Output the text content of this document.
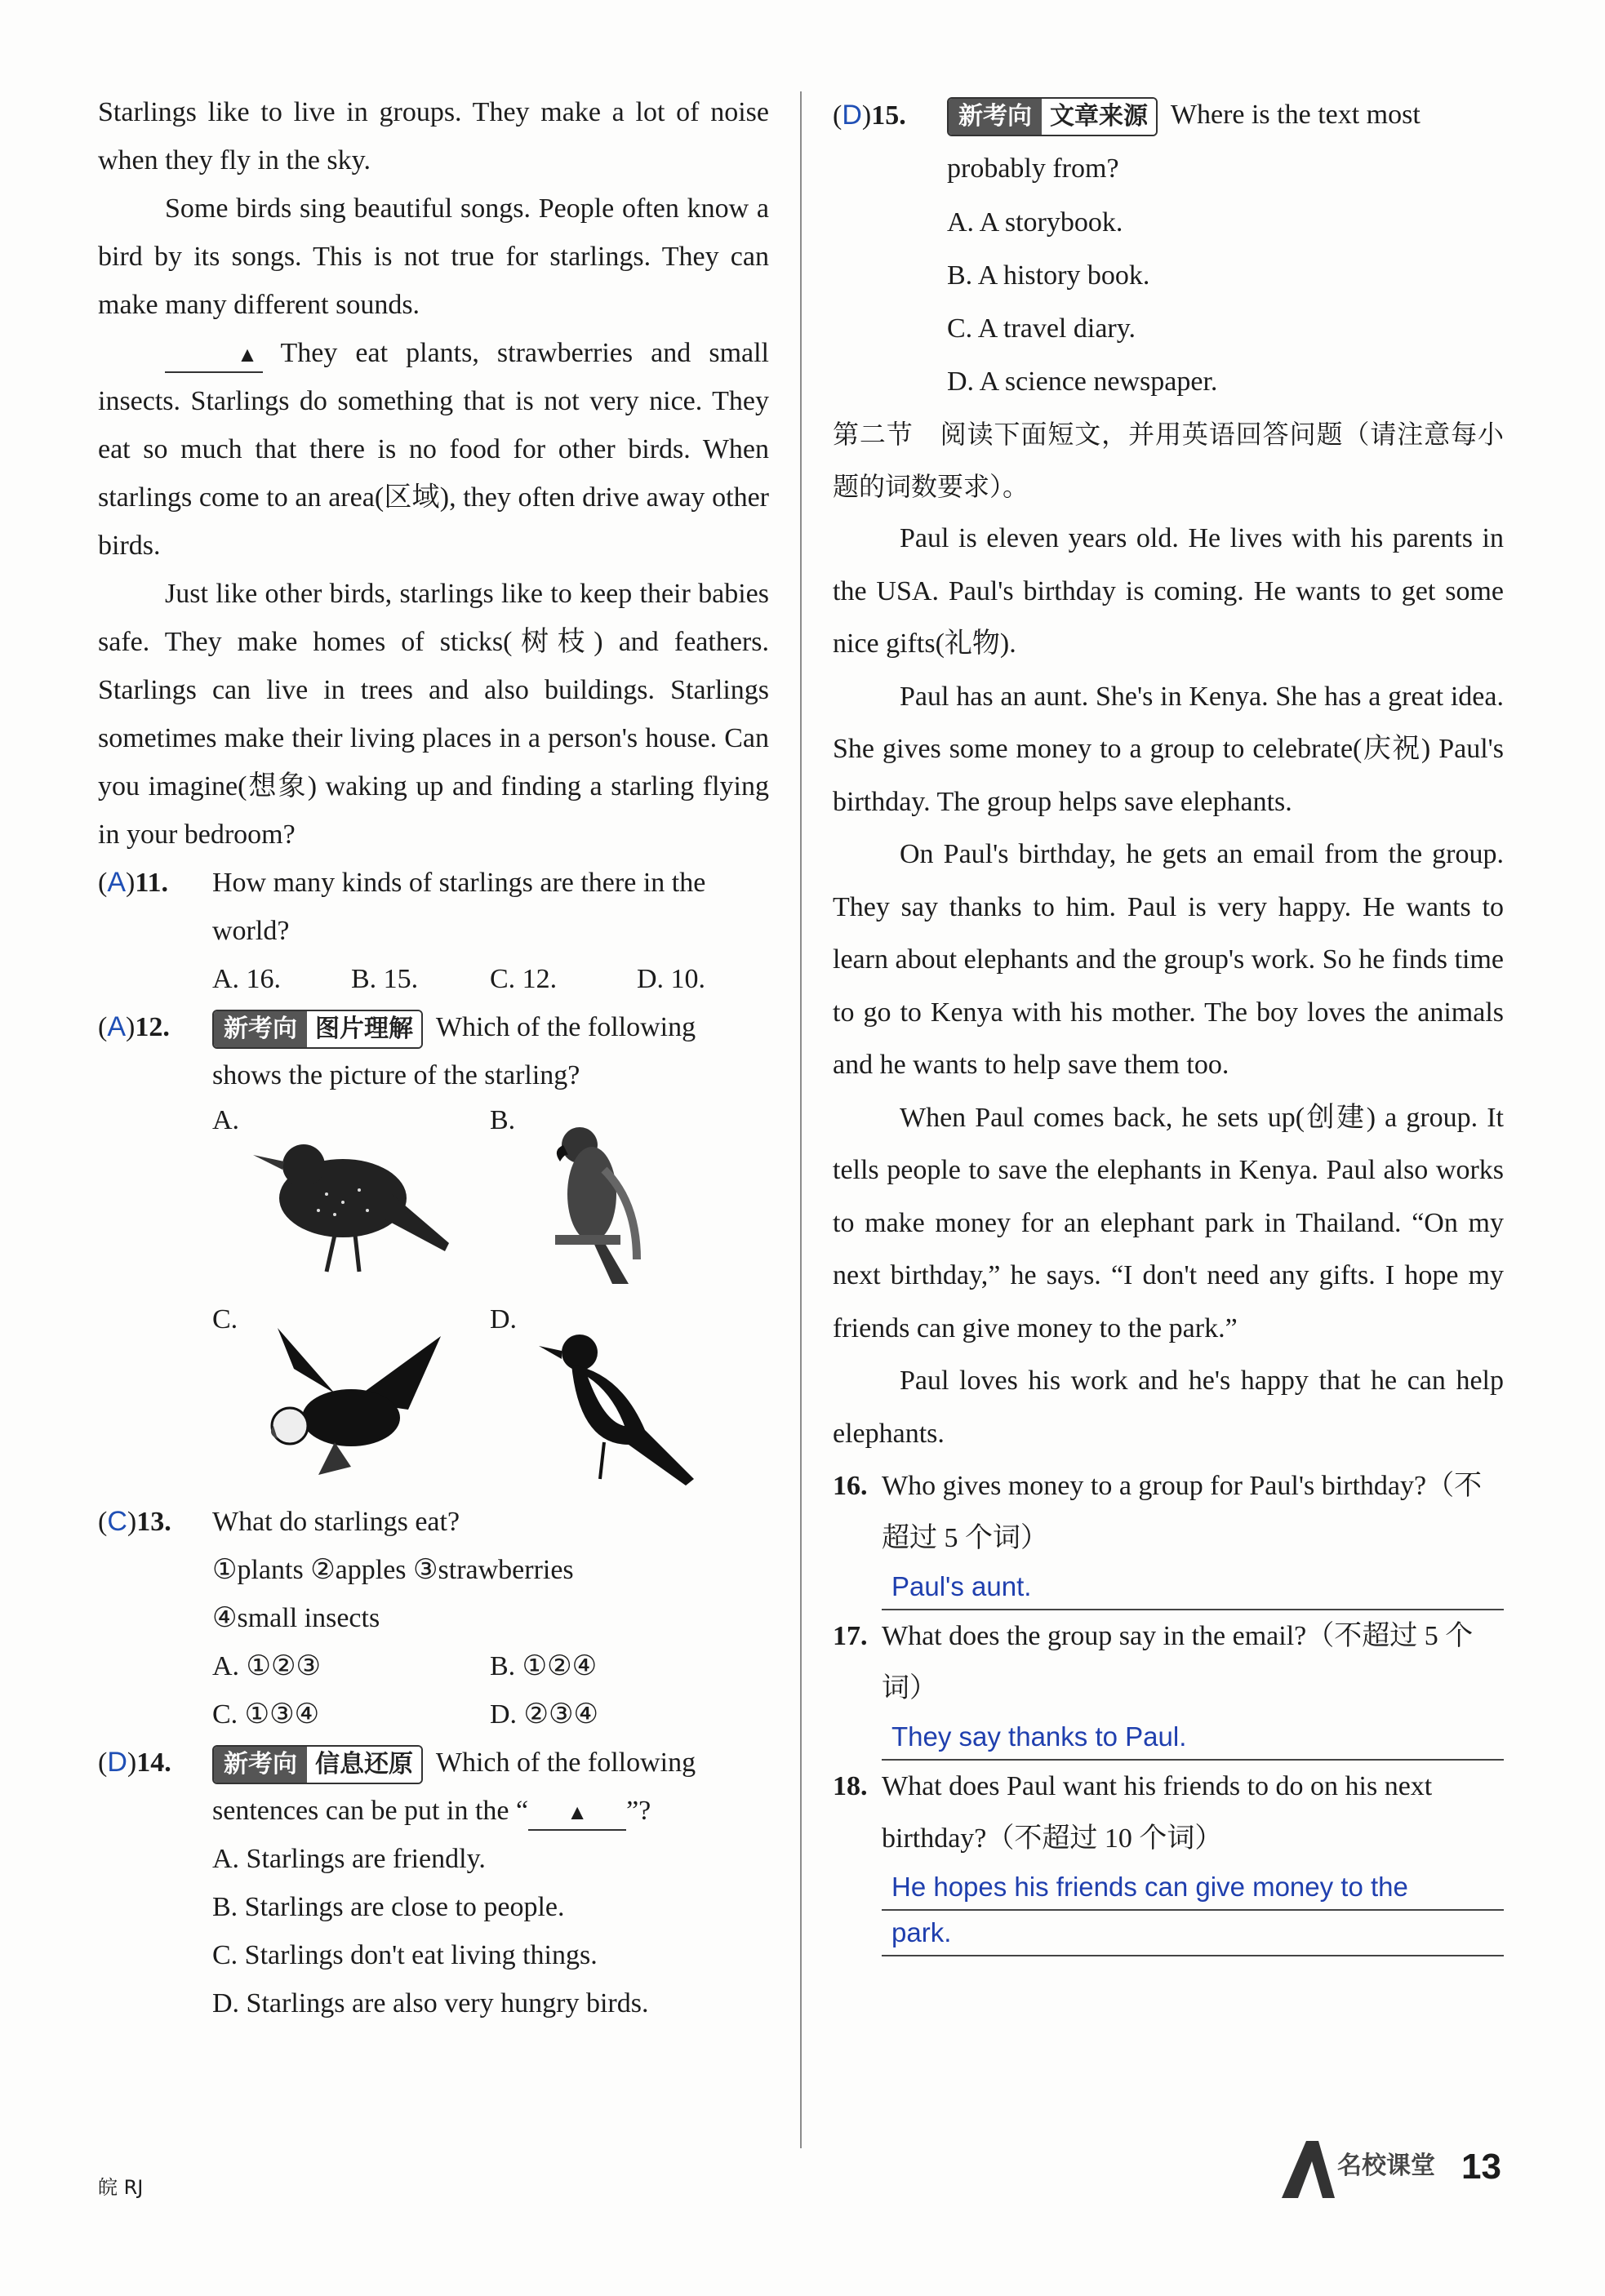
Starlings like to live in groups. They make a lot of noise when they fly in the sky.

Some birds sing beautiful songs. People often know a bird by its songs. This is not true for starlings. They can make many different sounds.

▲ They eat plants, strawberries and small insects. Starlings do something that is not very nice. They eat so much that there is no food for other birds. When starlings come to an area(区域), they often drive away other birds.

Just like other birds, starlings like to keep their babies safe. They make homes of sticks(树枝) and feathers. Starlings can live in trees and also buildings. Starlings sometimes make their living places in a person's house. Can you imagine(想象) waking up and finding a starling flying in your bedroom?

(A)11. How many kinds of starlings are there in the world?
A. 16.	B. 15.	C. 12.	D. 10.
(A)12. 新考向 图片理解 Which of the following shows the picture of the starling?
A.	B.
C.	D.
(C)13. What do starlings eat?
①plants ②apples ③strawberries
④small insects
A. ①②③	B. ①②④
C. ①③④	D. ②③④
(D)14. 新考向 信息还原 Which of the following sentences can be put in the “ ▲ ”?
A. Starlings are friendly.
B. Starlings are close to people.
C. Starlings don't eat living things.
D. Starlings are also very hungry birds.
(D)15. 新考向 文章来源 Where is the text most probably from?
A. A storybook.
B. A history book.
C. A travel diary.
D. A science newspaper.

第二节　阅读下面短文，并用英语回答问题（请注意每小题的词数要求）。

Paul is eleven years old. He lives with his parents in the USA. Paul's birthday is coming. He wants to get some nice gifts(礼物).

Paul has an aunt. She's in Kenya. She has a great idea. She gives some money to a group to celebrate(庆祝) Paul's birthday. The group helps save elephants.

On Paul's birthday, he gets an email from the group. They say thanks to him. Paul is very happy. He wants to learn about elephants and the group's work. So he finds time to go to Kenya with his mother. The boy loves the animals and he wants to help save them too.

When Paul comes back, he sets up(创建) a group. It tells people to save the elephants in Kenya. Paul also works to make money for an elephant park in Thailand. “On my next birthday,” he says. “I don't need any gifts. I hope my friends can give money to the park.”

Paul loves his work and he's happy that he can help elephants.

16. Who gives money to a group for Paul's birthday?（不超过 5 个词）
Paul's aunt.
17. What does the group say in the email?（不超过 5 个词）
They say thanks to Paul.
18. What does Paul want his friends to do on his next birthday?（不超过 10 个词）
He hopes his friends can give money to the
park.
皖 RJ
名校课堂 13
